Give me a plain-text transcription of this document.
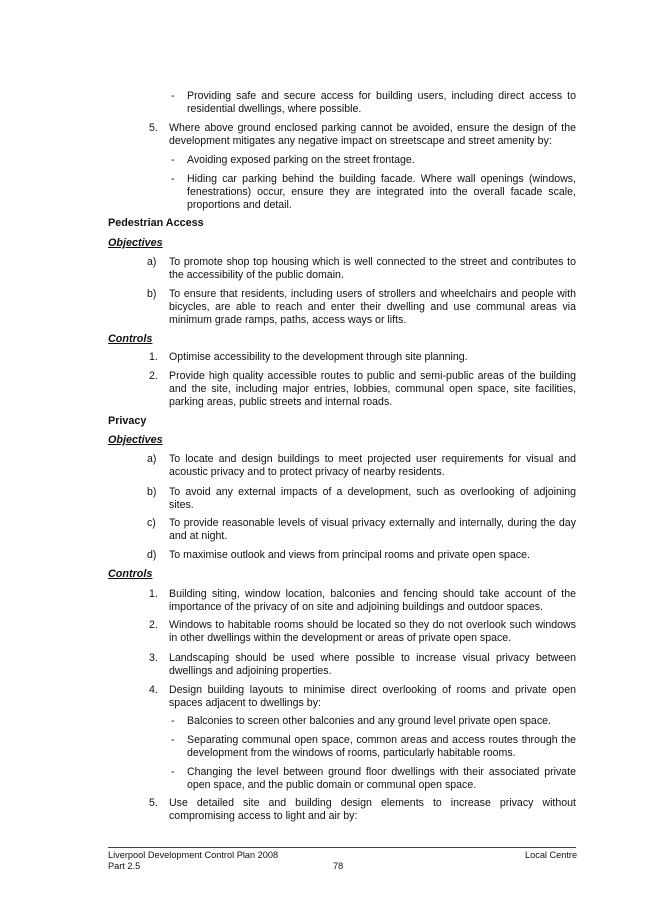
- Providing safe and secure access for building users, including direct access to residential dwellings, where possible.
5. Where above ground enclosed parking cannot be avoided, ensure the design of the development mitigates any negative impact on streetscape and street amenity by:
- Avoiding exposed parking on the street frontage.
- Hiding car parking behind the building facade. Where wall openings (windows, fenestrations) occur, ensure they are integrated into the overall facade scale, proportions and detail.
Pedestrian Access
Objectives
a) To promote shop top housing which is well connected to the street and contributes to the accessibility of the public domain.
b) To ensure that residents, including users of strollers and wheelchairs and people with bicycles, are able to reach and enter their dwelling and use communal areas via minimum grade ramps, paths, access ways or lifts.
Controls
1. Optimise accessibility to the development through site planning.
2. Provide high quality accessible routes to public and semi-public areas of the building and the site, including major entries, lobbies, communal open space, site facilities, parking areas, public streets and internal roads.
Privacy
Objectives
a) To locate and design buildings to meet projected user requirements for visual and acoustic privacy and to protect privacy of nearby residents.
b) To avoid any external impacts of a development, such as overlooking of adjoining sites.
c) To provide reasonable levels of visual privacy externally and internally, during the day and at night.
d) To maximise outlook and views from principal rooms and private open space.
Controls
1. Building siting, window location, balconies and fencing should take account of the importance of the privacy of on site and adjoining buildings and outdoor spaces.
2. Windows to habitable rooms should be located so they do not overlook such windows in other dwellings within the development or areas of private open space.
3. Landscaping should be used where possible to increase visual privacy between dwellings and adjoining properties.
4. Design building layouts to minimise direct overlooking of rooms and private open spaces adjacent to dwellings by:
- Balconies to screen other balconies and any ground level private open space.
- Separating communal open space, common areas and access routes through the development from the windows of rooms, particularly habitable rooms.
- Changing the level between ground floor dwellings with their associated private open space, and the public domain or communal open space.
5. Use detailed site and building design elements to increase privacy without compromising access to light and air by:
Liverpool Development Control Plan 2008
Part 2.5	78
Local Centre
